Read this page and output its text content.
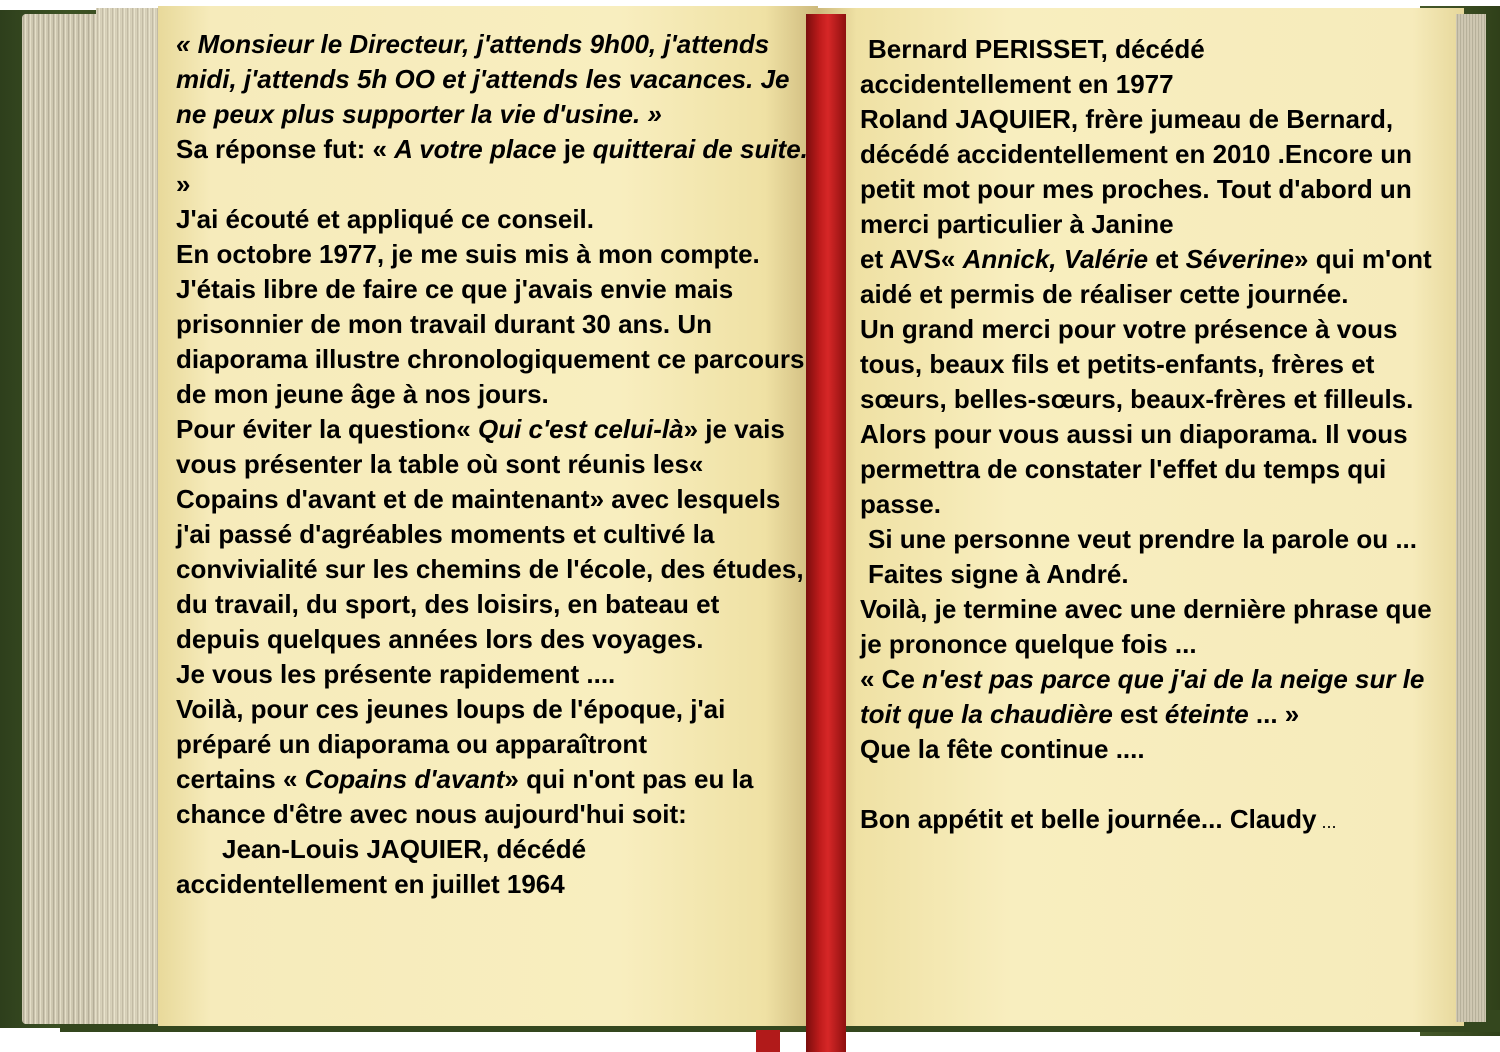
« Monsieur le Directeur, j'attends 9h00, j'attends midi, j'attends 5h OO et j'attends les vacances. Je ne peux plus supporter la vie d'usine. »

Sa réponse fut: « A votre place je quitterai de suite. »

J'ai écouté et appliqué ce conseil.

En octobre 1977, je me suis mis à mon compte. J'étais libre de faire ce que j'avais envie mais prisonnier de mon travail durant 30 ans. Un diaporama illustre chronologiquement ce parcours de mon jeune âge à nos jours.

Pour éviter la question« Qui c'est celui-là» je vais vous présenter la table où sont réunis les« Copains d'avant et de maintenant» avec lesquels j'ai passé d'agréables moments et cultivé la convivialité sur les chemins de l'école, des études, du travail, du sport, des loisirs, en bateau et depuis quelques années lors des voyages.

Je vous les présente rapidement ....

Voilà, pour ces jeunes loups de l'époque, j'ai préparé un diaporama ou apparaîtront

certains « Copains d'avant» qui n'ont pas eu la chance d'être avec nous aujourd'hui soit:

Jean-Louis JAQUIER, décédé

accidentellement en juillet 1964

Bernard PERISSET, décédé

accidentellement en 1977

Roland JAQUIER, frère jumeau de Bernard, décédé accidentellement en 2010 .Encore un petit mot pour mes proches. Tout d'abord un merci particulier à Janine

et AVS« Annick, Valérie et Séverine» qui m'ont aidé et permis de réaliser cette journée.

Un grand merci pour votre présence à vous tous, beaux fils et petits-enfants, frères et sœurs, belles-sœurs, beaux-frères et filleuls.

Alors pour vous aussi un diaporama. Il vous permettra de constater l'effet du temps qui passe.

Si une personne veut prendre la parole ou ... Faites signe à André.

Voilà, je termine avec une dernière phrase que je prononce quelque fois ...

« Ce n'est pas parce que j'ai de la neige sur le toit que la chaudière est éteinte ... »

Que la fête continue ....

Bon appétit et belle journée... Claudy ...
